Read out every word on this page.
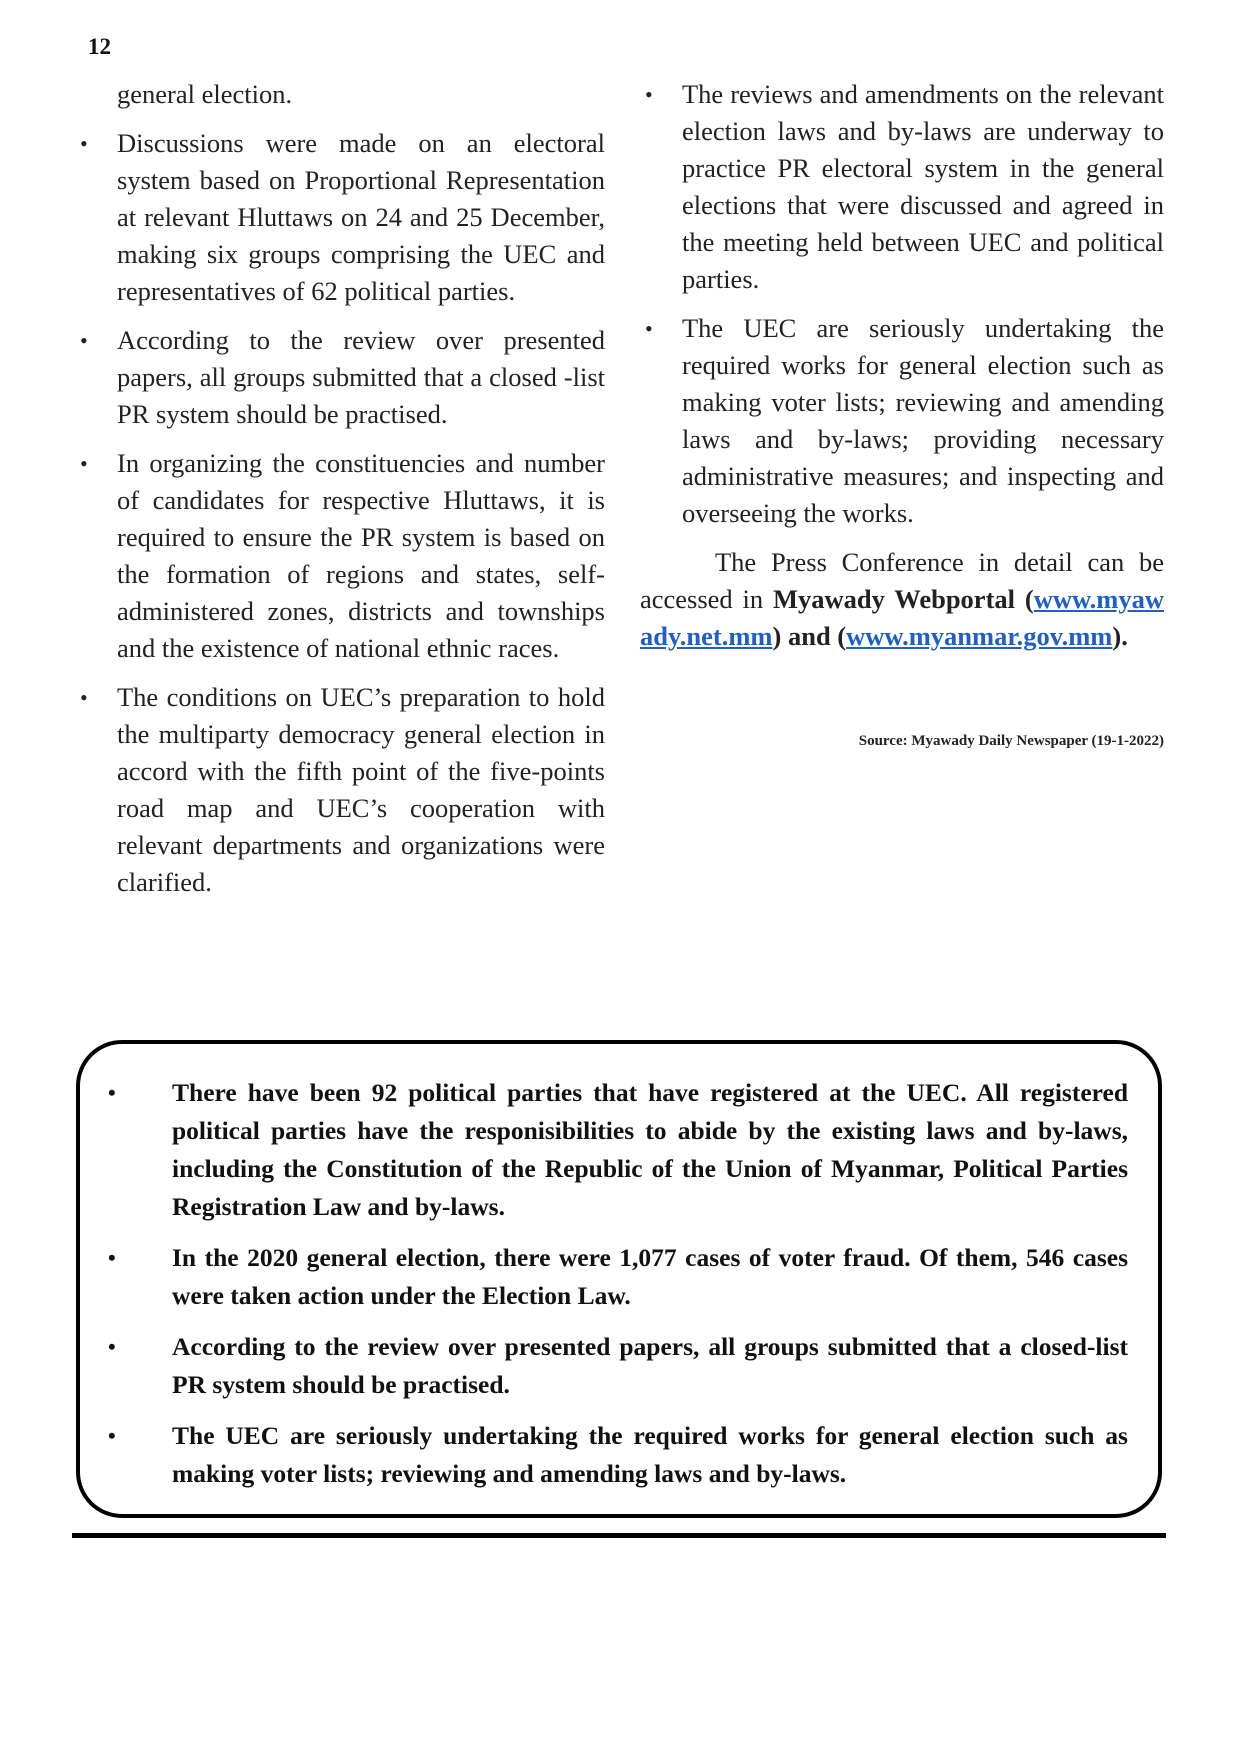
12

general election.

• Discussions were made on an electoral system based on Proportional Representation at relevant Hluttaws on 24 and 25 December, making six groups comprising the UEC and representatives of 62 political parties.
• According to the review over presented papers, all groups submitted that a closed -list PR system should be practised.
• In organizing the constituencies and number of candidates for respective Hluttaws, it is required to ensure the PR system is based on the formation of regions and states, self-administered zones, districts and townships and the existence of national ethnic races.
• The conditions on UEC’s preparation to hold the multiparty democracy general election in accord with the fifth point of the five-points road map and UEC’s cooperation with relevant departments and organizations were clarified.
• The reviews and amendments on the relevant election laws and by-laws are underway to practice PR electoral system in the general elections that were discussed and agreed in the meeting held between UEC and political parties.
• The UEC are seriously undertaking the required works for general election such as making voter lists; reviewing and amending laws and by-laws; providing necessary administrative measures; and inspecting and overseeing the works.

The Press Conference in detail can be accessed in Myawady Webportal (www.myawady.net.mm) and (www.myanmar.gov.mm).

Source: Myawady Daily Newspaper (19-1-2022)
• There have been 92 political parties that have registered at the UEC. All registered political parties have the responisibilities to abide by the existing laws and by-laws, including the Constitution of the Republic of the Union of Myanmar, Political Parties Registration Law and by-laws.
• In the 2020 general election, there were 1,077 cases of voter fraud. Of them, 546 cases were taken action under the Election Law.
• According to the review over presented papers, all groups submitted that a closed-list PR system should be practised.
• The UEC are seriously undertaking the required works for general election such as making voter lists; reviewing and amending laws and by-laws.
